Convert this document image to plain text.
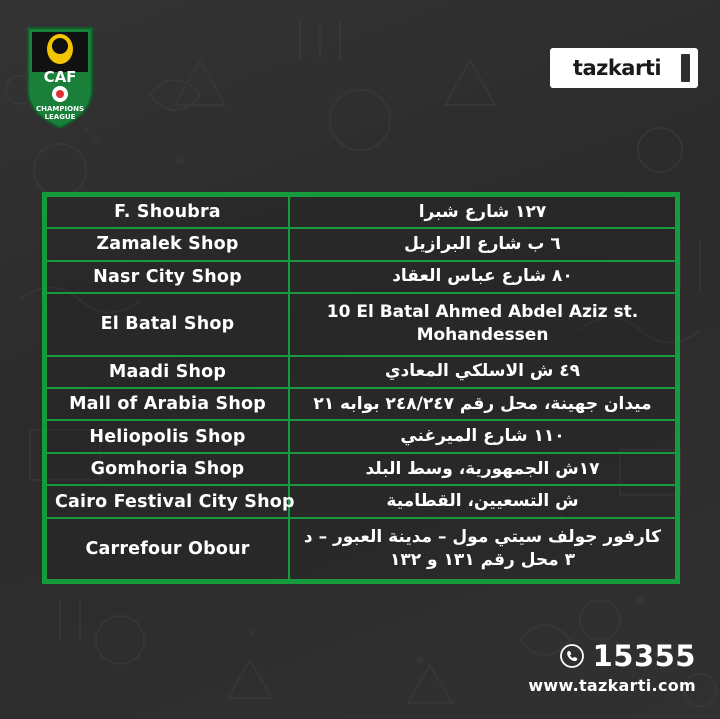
CAF
CHAMPIONS
LEAGUE
tazkarti
F. Shoubra	١٢٧ شارع شبرا
Zamalek Shop	٦ ب شارع البرازيل
Nasr City Shop	٨٠ شارع عباس العقاد
El Batal Shop	10 El Batal Ahmed Abdel Aziz st. Mohandessen
Maadi Shop	٤٩ ش الاسلكي المعادي
Mall of Arabia Shop	ميدان جهينة، محل رقم ٢٤٨/٢٤٧ بوابه ٢١
Heliopolis Shop	١١٠ شارع الميرغني
Gomhoria Shop	١٧ش الجمهورية، وسط البلد
Cairo Festival City Shop	ش التسعيين، القطامية
Carrefour Obour	كارفور جولف سيتي مول – مدينة العبور – د ٣ محل رقم ١٣١ و ١٣٢
15355
www.tazkarti.com
